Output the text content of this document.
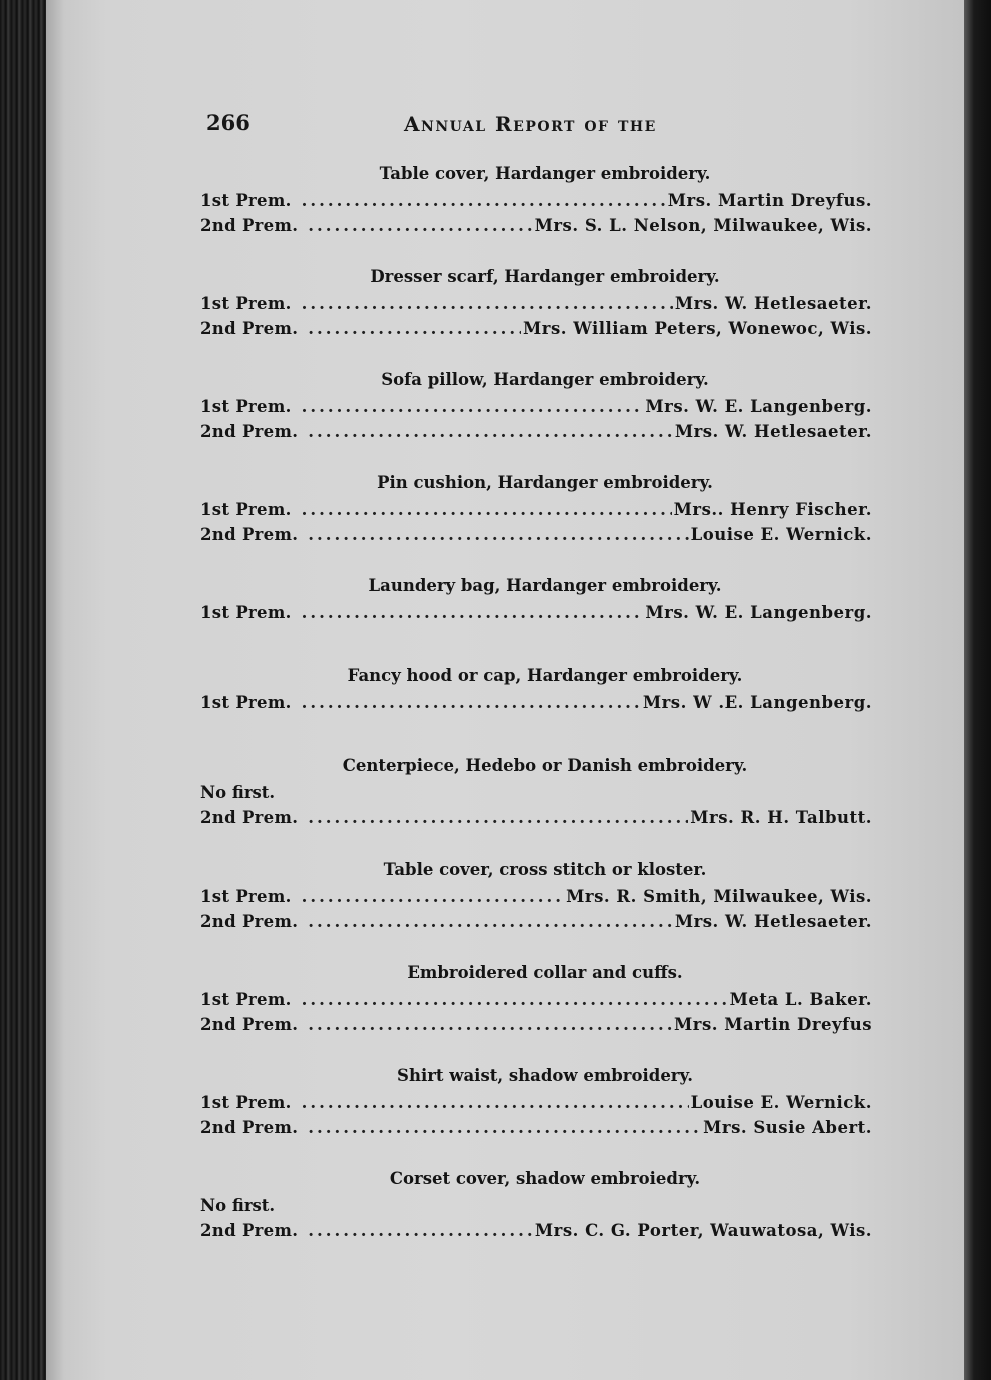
266	Annual Report of the
Table cover, Hardanger embroidery.
1st Prem. .....	Mrs. Martin Dreyfus.
2nd Prem. .....	Mrs. S. L. Nelson, Milwaukee, Wis.
Dresser scarf, Hardanger embroidery.
1st Prem. .....	Mrs. W. Hetlesaeter.
2nd Prem. .....	Mrs. William Peters, Wonewoc, Wis.
Sofa pillow, Hardanger embroidery.
1st Prem. .....	Mrs. W. E. Langenberg.
2nd Prem. .....	Mrs. W. Hetlesaeter.
Pin cushion, Hardanger embroidery.
1st Prem. .....	Mrs.. Henry Fischer.
2nd Prem. .....	Louise E. Wernick.
Laundery bag, Hardanger embroidery.
1st Prem. .....	Mrs. W. E. Langenberg.
Fancy hood or cap, Hardanger embroidery.
1st Prem. .....	Mrs. W .E. Langenberg.
Centerpiece, Hedebo or Danish embroidery.
No first.
2nd Prem. .....	Mrs. R. H. Talbutt.
Table cover, cross stitch or kloster.
1st Prem. .....	Mrs. R. Smith, Milwaukee, Wis.
2nd Prem. .....	Mrs. W. Hetlesaeter.
Embroidered collar and cuffs.
1st Prem. .....	Meta L. Baker.
2nd Prem. .....	Mrs. Martin Dreyfus
Shirt waist, shadow embroidery.
1st Prem. .....	Louise E. Wernick.
2nd Prem. .....	Mrs. Susie Abert.
Corset cover, shadow embroiedry.
No first.
2nd Prem. .....	Mrs. C. G. Porter, Wauwatosa, Wis.
